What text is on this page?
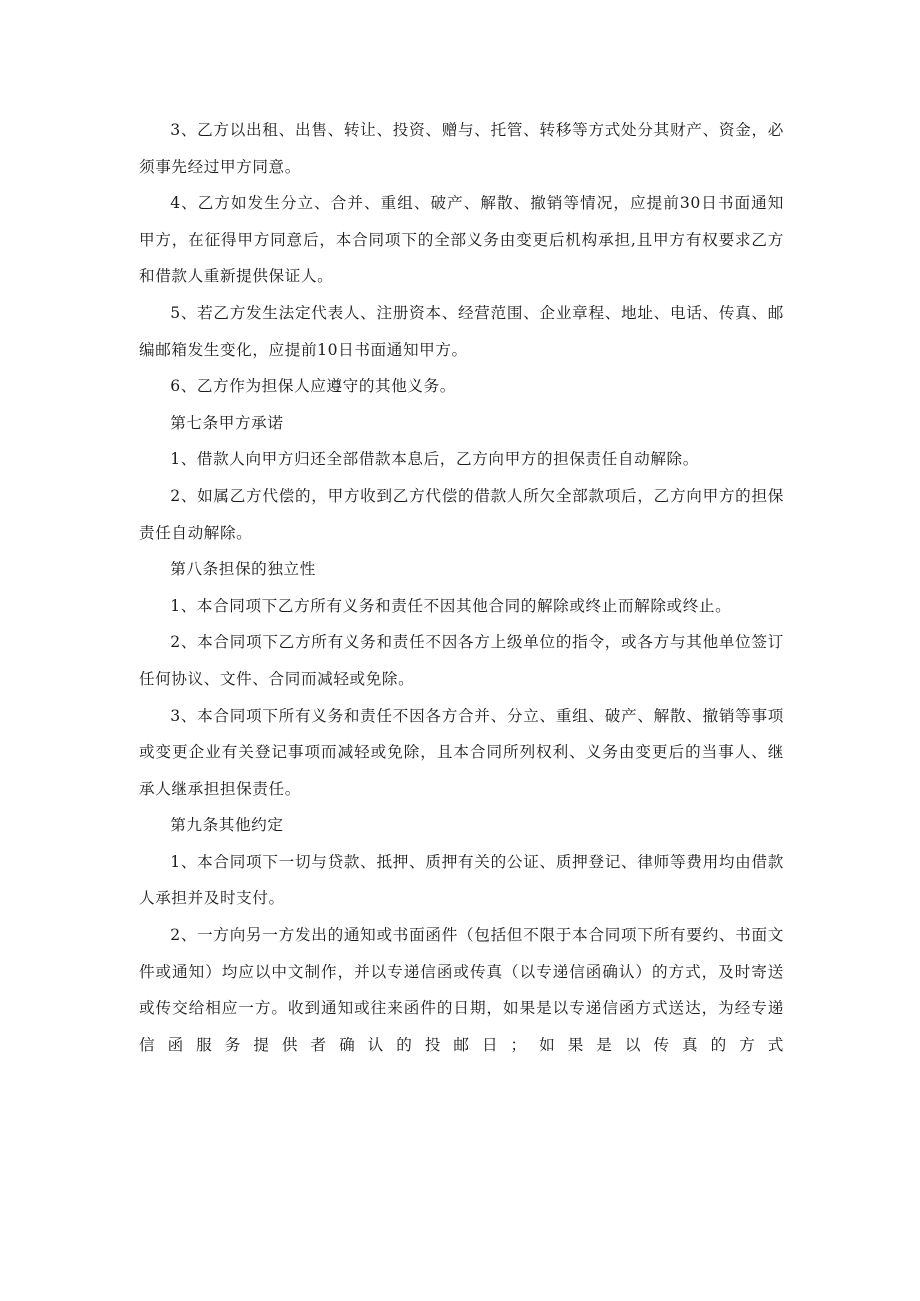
3、乙方以出租、出售、转让、投资、赠与、托管、转移等方式处分其财产、资金，必须事先经过甲方同意。

4、乙方如发生分立、合并、重组、破产、解散、撤销等情况，应提前30日书面通知甲方，在征得甲方同意后，本合同项下的全部义务由变更后机构承担,且甲方有权要求乙方和借款人重新提供保证人。

5、若乙方发生法定代表人、注册资本、经营范围、企业章程、地址、电话、传真、邮编邮箱发生变化，应提前10日书面通知甲方。

6、乙方作为担保人应遵守的其他义务。

第七条甲方承诺

1、借款人向甲方归还全部借款本息后，乙方向甲方的担保责任自动解除。

2、如属乙方代偿的，甲方收到乙方代偿的借款人所欠全部款项后，乙方向甲方的担保责任自动解除。

第八条担保的独立性

1、本合同项下乙方所有义务和责任不因其他合同的解除或终止而解除或终止。

2、本合同项下乙方所有义务和责任不因各方上级单位的指令，或各方与其他单位签订任何协议、文件、合同而减轻或免除。

3、本合同项下所有义务和责任不因各方合并、分立、重组、破产、解散、撤销等事项或变更企业有关登记事项而减轻或免除，且本合同所列权利、义务由变更后的当事人、继承人继承担担保责任。

第九条其他约定

1、本合同项下一切与贷款、抵押、质押有关的公证、质押登记、律师等费用均由借款人承担并及时支付。

2、一方向另一方发出的通知或书面函件（包括但不限于本合同项下所有要约、书面文件或通知）均应以中文制作，并以专递信函或传真（以专递信函确认）的方式，及时寄送或传交给相应一方。收到通知或往来函件的日期，如果是以专递信函方式送达，为经专递信函服务提供者确认的投邮日；如果是以传真的方式
